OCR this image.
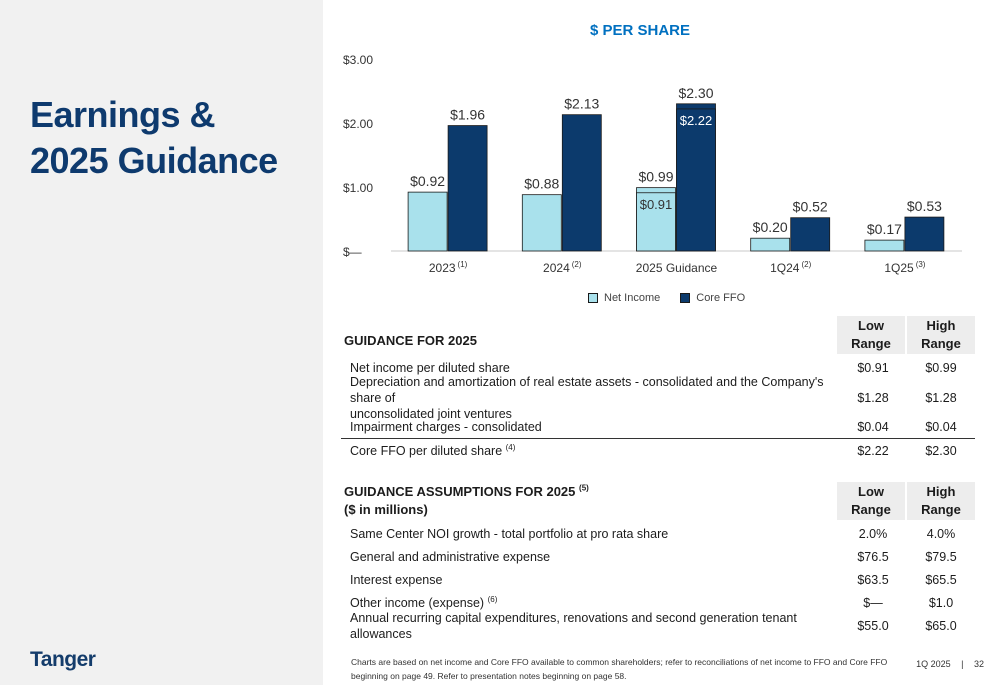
Earnings &
2025 Guidance
Tanger
$ PER SHARE
$—
$1.00
$2.00
$3.00
$0.92
$1.96
2023 $^{(1)}$
$0.88
$2.13
2024 $^{(2)}$
$0.99
$0.91
$2.30
$2.22
2025 Guidance
$0.20
$0.52
1Q24 $^{(2)}$
$0.17
$0.53
1Q25 $^{(3)}$
Net Income	Core FFO
GUIDANCE FOR 2025
Low
Range
High
Range
Net income per diluted share	$0.91	$0.99
Depreciation and amortization of real estate assets - consolidated and the Company's share of
unconsolidated joint ventures
$1.28	$1.28
Impairment charges - consolidated	$0.04	$0.04
Core FFO per diluted share $^{(4)}$	$2.22	$2.30
GUIDANCE ASSUMPTIONS FOR 2025 $^{(5)}$
($ in millions)
Low
Range
High
Range
Same Center NOI growth - total portfolio at pro rata share	2.0%	4.0%
General and administrative expense	$76.5	$79.5
Interest expense	$63.5	$65.5
Other income (expense) $^{(6)}$	$—	$1.0
Annual recurring capital expenditures, renovations and second generation tenant allowances
$55.0	$65.0
Charts are based on net income and Core FFO available to common shareholders; refer to reconciliations of net income to FFO and Core FFO beginning on page 49. Refer to presentation notes beginning on page 58.
1Q 2025 | 32
